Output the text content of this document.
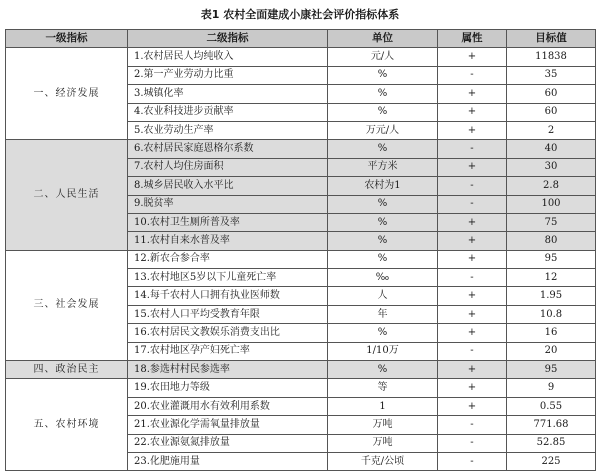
表1 农村全面建成小康社会评价指标体系
一级指标	二级指标	单位	属性	目标值
一、经济发展	1.农村居民人均纯收入	元/人	+	11838
	2.第一产业劳动力比重	%	-	35
	3.城镇化率	%	+	60
	4.农业科技进步贡献率	%	+	60
	5.农业劳动生产率	万元/人	+	2
二、人民生活	6.农村居民家庭恩格尔系数	%	-	40
	7.农村人均住房面积	平方米	+	30
	8.城乡居民收入水平比	农村为1	-	2.8
	9.脱贫率	%	-	100
	10.农村卫生厕所普及率	%	+	75
	11.农村自来水普及率	%	+	80
三、社会发展	12.新农合参合率	%	+	95
	13.农村地区5岁以下儿童死亡率	‰	-	12
	14.每千农村人口拥有执业医师数	人	+	1.95
	15.农村人口平均受教育年限	年	+	10.8
	16.农村居民文教娱乐消费支出比	%	+	16
	17.农村地区孕产妇死亡率	1/10万	-	20
四、政治民主	18.参选村村民参选率	%	+	95
五、农村环境	19.农田地力等级	等	+	9
	20.农业灌溉用水有效利用系数	1	+	0.55
	21.农业源化学需氧量排放量	万吨	-	771.68
	22.农业源氨氮排放量	万吨	-	52.85
	23.化肥施用量	千克/公顷	-	225
